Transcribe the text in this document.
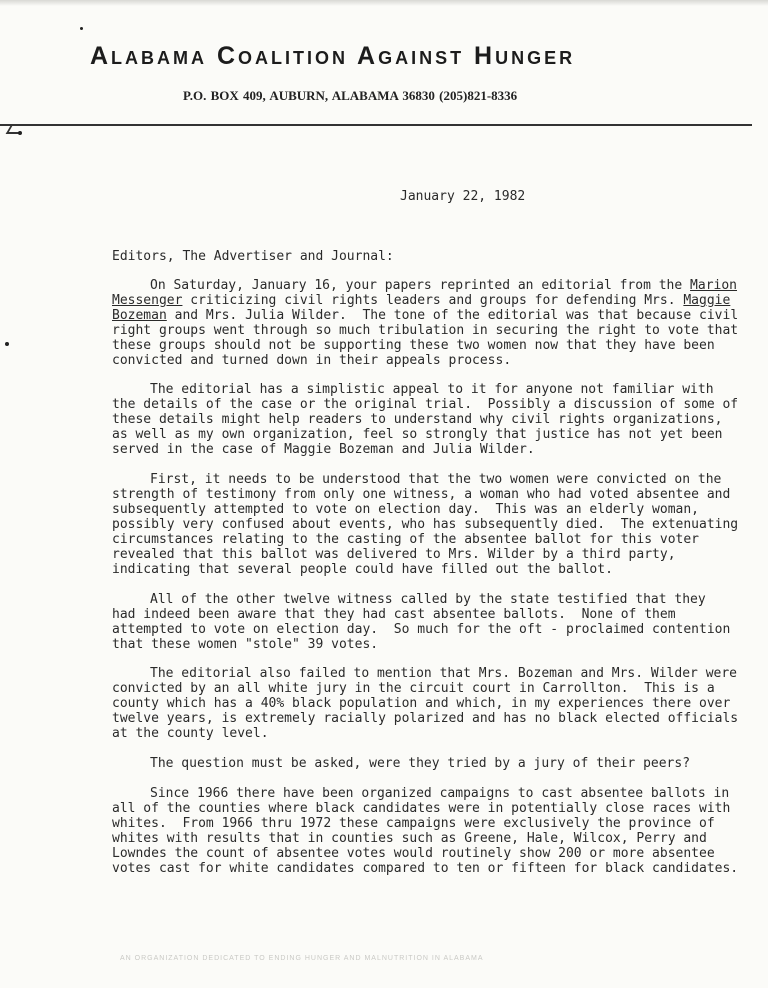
Alabama Coalition Against Hunger
P.O. BOX 409, AUBURN, ALABAMA 36830 (205)821-8336
January 22, 1982
Editors, The Advertiser and Journal:
On Saturday, January 16, your papers reprinted an editorial from the Marion
Messenger criticizing civil rights leaders and groups for defending Mrs. Maggie
Bozeman and Mrs. Julia Wilder.  The tone of the editorial was that because civil
right groups went through so much tribulation in securing the right to vote that
these groups should not be supporting these two women now that they have been
convicted and turned down in their appeals process.
The editorial has a simplistic appeal to it for anyone not familiar with
the details of the case or the original trial.  Possibly a discussion of some of
these details might help readers to understand why civil rights organizations,
as well as my own organization, feel so strongly that justice has not yet been
served in the case of Maggie Bozeman and Julia Wilder.
First, it needs to be understood that the two women were convicted on the
strength of testimony from only one witness, a woman who had voted absentee and
subsequently attempted to vote on election day.  This was an elderly woman,
possibly very confused about events, who has subsequently died.  The extenuating
circumstances relating to the casting of the absentee ballot for this voter
revealed that this ballot was delivered to Mrs. Wilder by a third party,
indicating that several people could have filled out the ballot.
All of the other twelve witness called by the state testified that they
had indeed been aware that they had cast absentee ballots.  None of them
attempted to vote on election day.  So much for the oft - proclaimed contention
that these women "stole" 39 votes.
The editorial also failed to mention that Mrs. Bozeman and Mrs. Wilder were
convicted by an all white jury in the circuit court in Carrollton.  This is a
county which has a 40% black population and which, in my experiences there over
twelve years, is extremely racially polarized and has no black elected officials
at the county level.
The question must be asked, were they tried by a jury of their peers?
Since 1966 there have been organized campaigns to cast absentee ballots in
all of the counties where black candidates were in potentially close races with
whites.  From 1966 thru 1972 these campaigns were exclusively the province of
whites with results that in counties such as Greene, Hale, Wilcox, Perry and
Lowndes the count of absentee votes would routinely show 200 or more absentee
votes cast for white candidates compared to ten or fifteen for black candidates.
AN ORGANIZATION DEDICATED TO ENDING HUNGER AND MALNUTRITION IN ALABAMA
